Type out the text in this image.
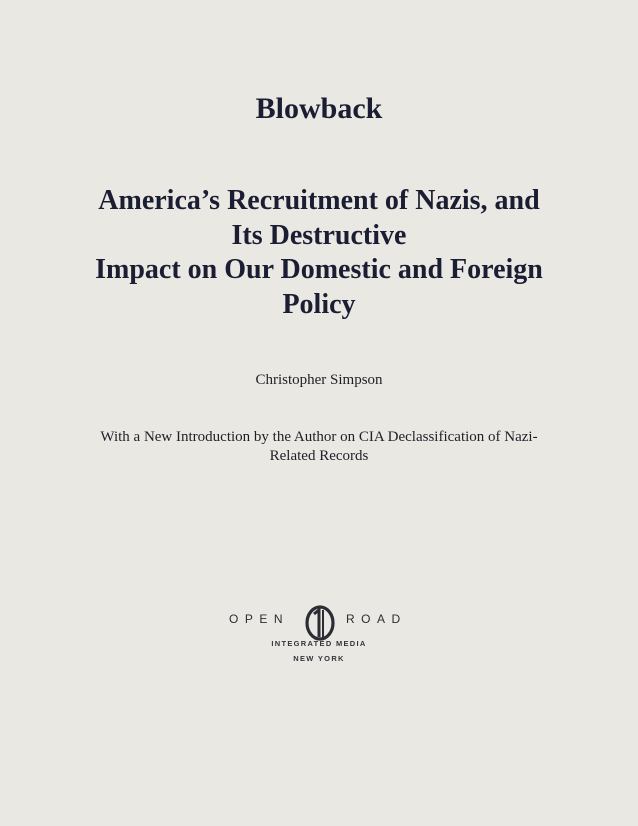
Blowback
America’s Recruitment of Nazis, and
Its Destructive
Impact on Our Domestic and Foreign
Policy

Christopher Simpson

With a New Introduction by the Author on CIA Declassification of Nazi-
Related Records

OPEN	ROAD
INTEGRATED MEDIA
NEW YORK
